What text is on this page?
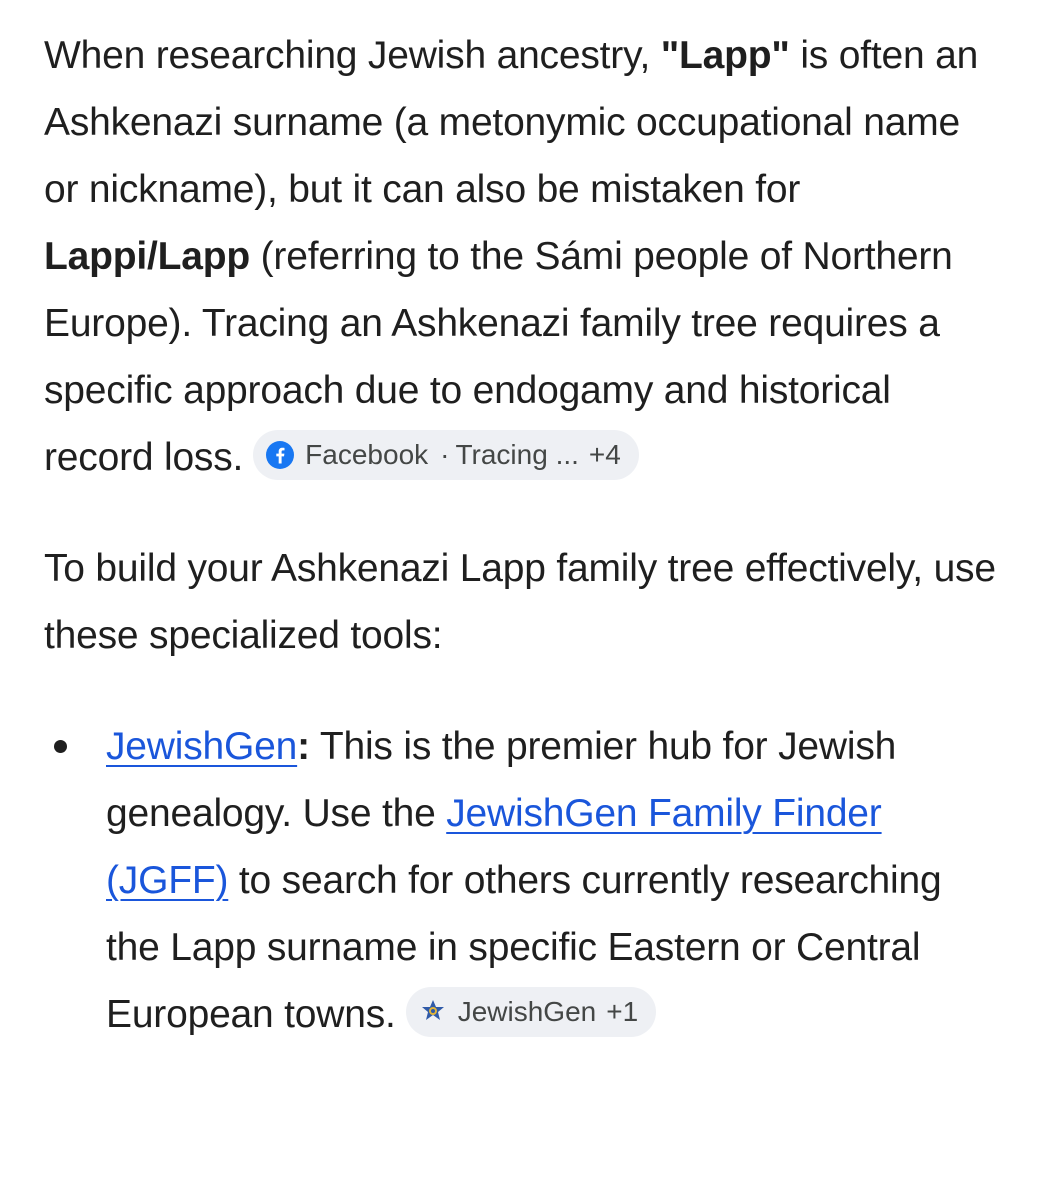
When researching Jewish ancestry, "Lapp" is often an Ashkenazi surname (a metonymic occupational name or nickname), but it can also be mistaken for Lappi/Lapp (referring to the Sámi people of Northern Europe). Tracing an Ashkenazi family tree requires a specific approach due to endogamy and historical record loss. Facebook · Tracing ... +4

To build your Ashkenazi Lapp family tree effectively, use these specialized tools:

JewishGen: This is the premier hub for Jewish genealogy. Use the JewishGen Family Finder (JGFF) to search for others currently researching the Lapp surname in specific Eastern or Central European towns. JewishGen +1
